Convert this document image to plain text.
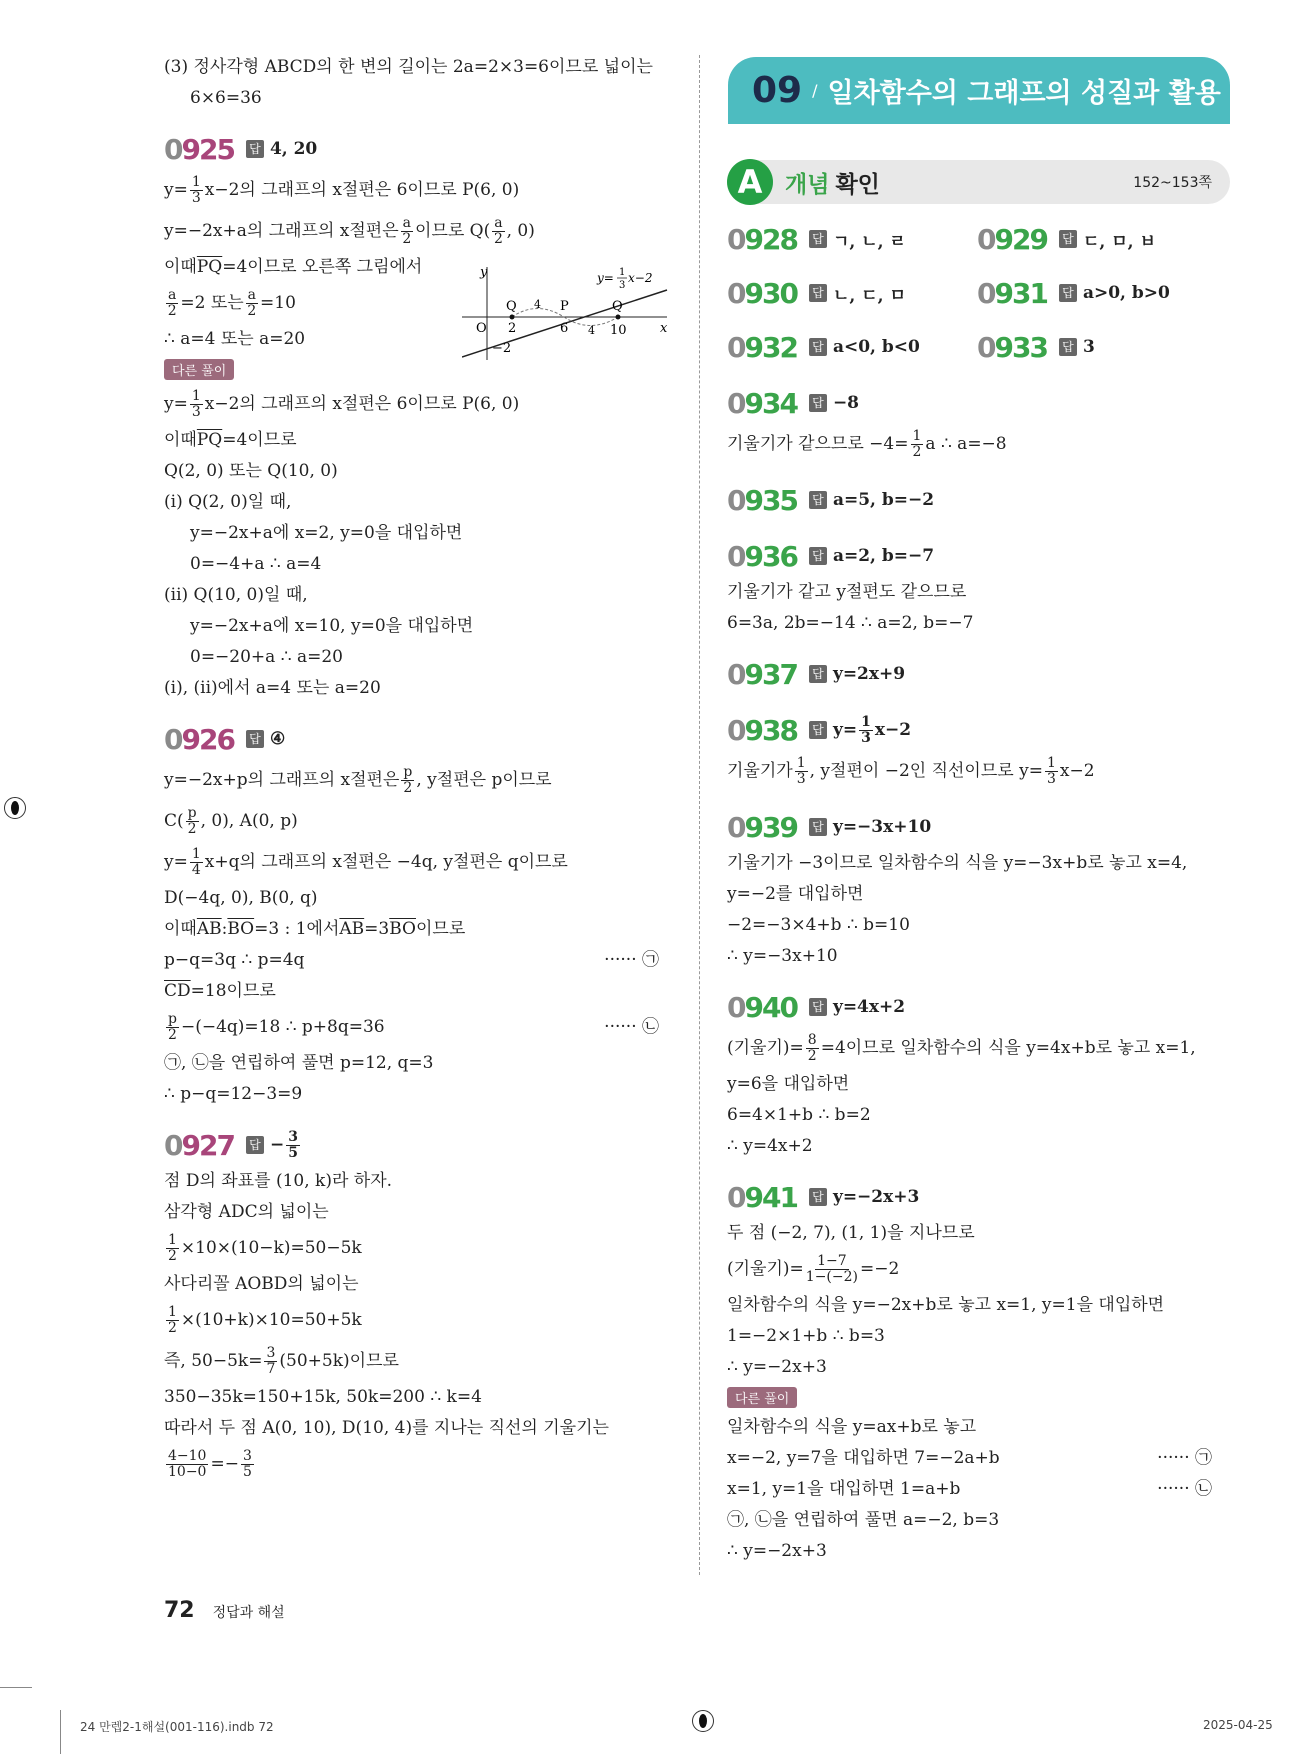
09 / 일차함수의 그래프의 성질과 활용
A 개념 확인	152~153쪽
(3) 정사각형 ABCD의 한 변의 길이는 2a=2×3=6이므로 넓이는
6×6=36
0925 답 4, 20
$y= \frac{1}{3} x-2$의 그래프의 x절편은 6이므로 P(6, 0)
y=−2x+a의 그래프의 x절편은 $\frac{a}{2}$ 이므로 $Q( \frac{a}{2}$ , 0)
이때 $\overline{PQ} =4$이므로 오른쪽 그림에서
$\frac{a}{2} =2$ 또는 $\frac{a}{2} =10$
∴ a=4 또는 a=20
다른 풀이
$y= \frac{1}{3} x-2$의 그래프의 x절편은 6이므로 P(6, 0)
이때 $\overline{PQ} =4$이므로
Q(2, 0) 또는 Q(10, 0)
(i) Q(2, 0)일 때,
y=−2x+a에 x=2, y=0을 대입하면
0=−4+a ∴ a=4
(ii) Q(10, 0)일 때,
y=−2x+a에 x=10, y=0을 대입하면
0=−20+a ∴ a=20
(i), (ii)에서 a=4 또는 a=20
0926 답 ④
y=−2x+p의 그래프의 x절편은 $\frac{p}{2}$ , y절편은 p이므로
$C( \frac{p}{2}$ , 0), A(0, p)
$y= \frac{1}{4} x+q$의 그래프의 x절편은 −4q, y절편은 q이므로
D(−4q, 0), B(0, q)
이때 $\overline{AB}$ : $\overline{BO} =3$ : 1에서 $\overline{AB} =3$ $\overline{BO}$ 이므로
p−q=3q ∴ p=4q	······ ㉠
$\overline{CD} =18$이므로
$\frac{p}{2} -(-4q)=18$ ∴ p+8q=36	······ ㉡
㉠, ㉡을 연립하여 풀면 p=12, q=3
∴ p−q=12−3=9
0927 답 − $\frac{3}{5}$
점 D의 좌표를 (10, k)라 하자.
삼각형 ADC의 넓이는
$\frac{1}{2} \times 10\times(10-k)=50-5k$
사다리꼴 AOBD의 넓이는
$\frac{1}{2} \times(10+k)\times 10=50+5k$
즉, $50-5k= \frac{3}{7} (50+5k)$이므로
350−35k=150+15k, 50k=200 ∴ k=4
따라서 두 점 A(0, 10), D(10, 4)를 지나는 직선의 기울기는
$\frac{4-10}{10-0} =- \frac{3}{5}$
0928 답 ㄱ, ㄴ, ㄹ	0929 답 ㄷ, ㅁ, ㅂ
0930 답 ㄴ, ㄷ, ㅁ	0931 답 a>0, b>0
0932 답 a<0, b<0 0933 답 3
0934 답 −8
기울기가 같으므로 $-4= \frac{1}{2}$ a ∴ a=−8
0935 답 a=5, b=−2
0936 답 a=2, b=−7
기울기가 같고 y절편도 같으므로
6=3a, 2b=−14 ∴ a=2, b=−7
0937 답 y=2x+9
0938 답 $y= \frac{1}{3} x-2$
기울기가 $\frac{1}{3}$ , y절편이 −2인 직선이므로 $y= \frac{1}{3} x-2$
0939 답 y=−3x+10
기울기가 −3이므로 일차함수의 식을 y=−3x+b로 놓고 x=4,
y=−2를 대입하면
−2=−3×4+b ∴ b=10
∴ y=−3x+10
0940 답 y=4x+2
(기울기)= $\frac{8}{2} =4$이므로 일차함수의 식을 y=4x+b로 놓고 x=1,
y=6을 대입하면
6=4×1+b ∴ b=2
∴ y=4x+2
0941 답 y=−2x+3
두 점 (−2, 7), (1, 1)을 지나므로
(기울기)= $\frac{1-7}{1-(-2)} =-2$
일차함수의 식을 y=−2x+b로 놓고 x=1, y=1을 대입하면
1=−2×1+b ∴ b=3
∴ y=−2x+3
다른 풀이
일차함수의 식을 y=ax+b로 놓고
x=−2, y=7을 대입하면 7=−2a+b	······ ㉠
x=1, y=1을 대입하면 1=a+b	······ ㉡
㉠, ㉡을 연립하여 풀면 a=−2, b=3
∴ y=−2x+3
y
x
O
Q	P	Q
2	6	10
−2
4
4
y= 1
3
x−2
72 정답과 해설
24 만렙2-1해설(001-116).indb 72	2025-04-25
